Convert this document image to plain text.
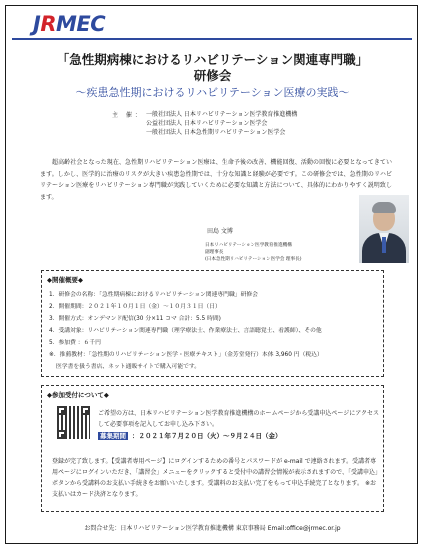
JRMEC
「急性期病棟におけるリハビリテーション関連専門職」
研修会
〜疾患急性期におけるリハビリテーション医療の実践〜
主 催： 一般社団法人 日本リハビリテーション医学教育推進機構
公益社団法人 日本リハビリテーション医学会
一般社団法人 日本急性期リハビリテーション医学会
超高齢社会となった現在、急性期リハビリテーション医療は、生命予後の改善、機能回復、活動の回復に必要となってきています。しかし、医学的に治療のリスクが大きい疾患急性期では、十分な知識と経験が必要です。この研修会では、急性期のリハビリテーション医療をリハビリテーション専門職が実践していくために必要な知識と方法について、具体的にわかりやすく説明致します。
田島 文博
日本リハビリテーション医学教育推進機構
副理事長
(日本急性期リハビリテーション医学会 理事長)
◆開催概要◆
1．研修会の名称：「急性期病棟におけるリハビリテーション関連専門職」研修会
2．開催期間：２０２１年１０月１日（金）〜１０月３１日（日）
3．開催方式：オンデマンド配信(30 分×11 コマ 合計：5.5 時間)
4．受講対象：リハビリテーション関連専門職（理学療法士、作業療法士、言語聴覚士、看護師）、その他
5．参加費 ：６千円
※．推薦教材：「急性期のリハビリテーション医学・医療テキスト」（金芳堂発行）本体 3,960 円（税込）
医学書を扱う書店、ネット通販サイトで購入可能です。
◆参加受付について◆
ご希望の方は、日本リハビリテーション医学教育推進機構のホームページから受講申込ページにアクセスして必要事項を記入してお申し込み下さい。
募集期間 ：２０２１年７月２０日（火）〜９月２４日（金）
登録が完了致します。【受講者専用ページ】にログインするための番号とパスワードが e-mail で連絡されます。受講者専用ページにログインいただき、「講習会」メニューをクリックすると受付中の講習会情報が表示されますので、「受講申込」ボタンから受講料のお支払い手続きをお願いいたします。受講料のお支払い完了をもって申込手続完了となります。 ※お支払いはカード決済となります。
お問合せ先：日本リハビリテーション医学教育推進機構 東京事務局 Email:office@jrmec.or.jp
